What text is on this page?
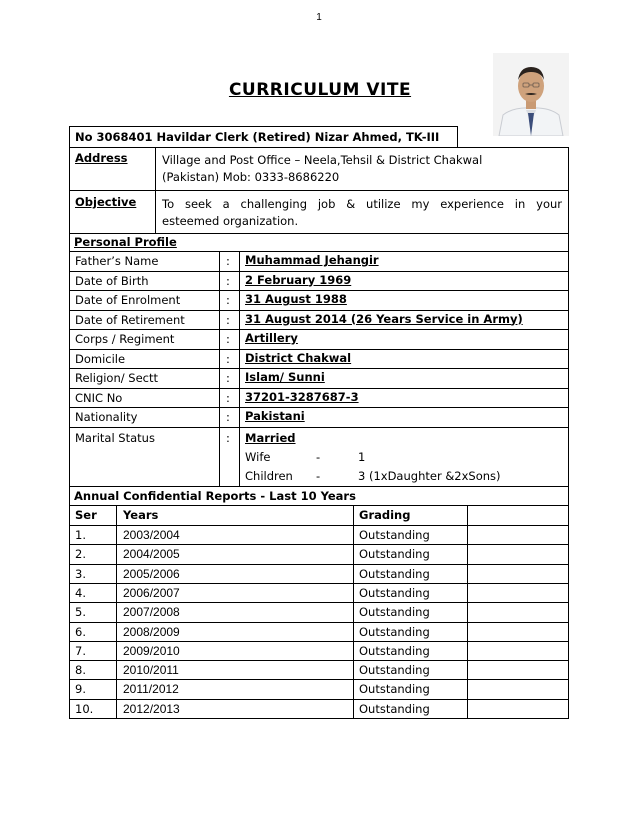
1
CURRICULUM VITE
No 3068401 Havildar Clerk (Retired) Nizar Ahmed, TK-III
Address	Village and Post Office – Neela,Tehsil & District Chakwal
(Pakistan) Mob: 0333-8686220
Objective To seek a challenging job & utilize my experience in your
esteemed organization.
Personal Profile
Father’s Name	: Muhammad Jehangir
Date of Birth	: 2 February 1969
Date of Enrolment	: 31 August 1988
Date of Retirement	: 31 August 2014 (26 Years Service in Army)
Corps / Regiment	: Artillery
Domicile	: District Chakwal
Religion/ Sectt	: Islam/ Sunni
CNIC No	: 37201-3287687-3
Nationality	: Pakistani
Marital Status	: Married
Wife	-	1
Children -	3 (1xDaughter &2xSons)
Annual Confidential Reports - Last 10 Years
Ser Years	Grading
1.	2003/2004	Outstanding
2.	2004/2005	Outstanding
3.	2005/2006	Outstanding
4.	2006/2007	Outstanding
5.	2007/2008	Outstanding
6.	2008/2009	Outstanding
7.	2009/2010	Outstanding
8.	2010/2011	Outstanding
9.	2011/2012	Outstanding
10. 2012/2013	Outstanding
